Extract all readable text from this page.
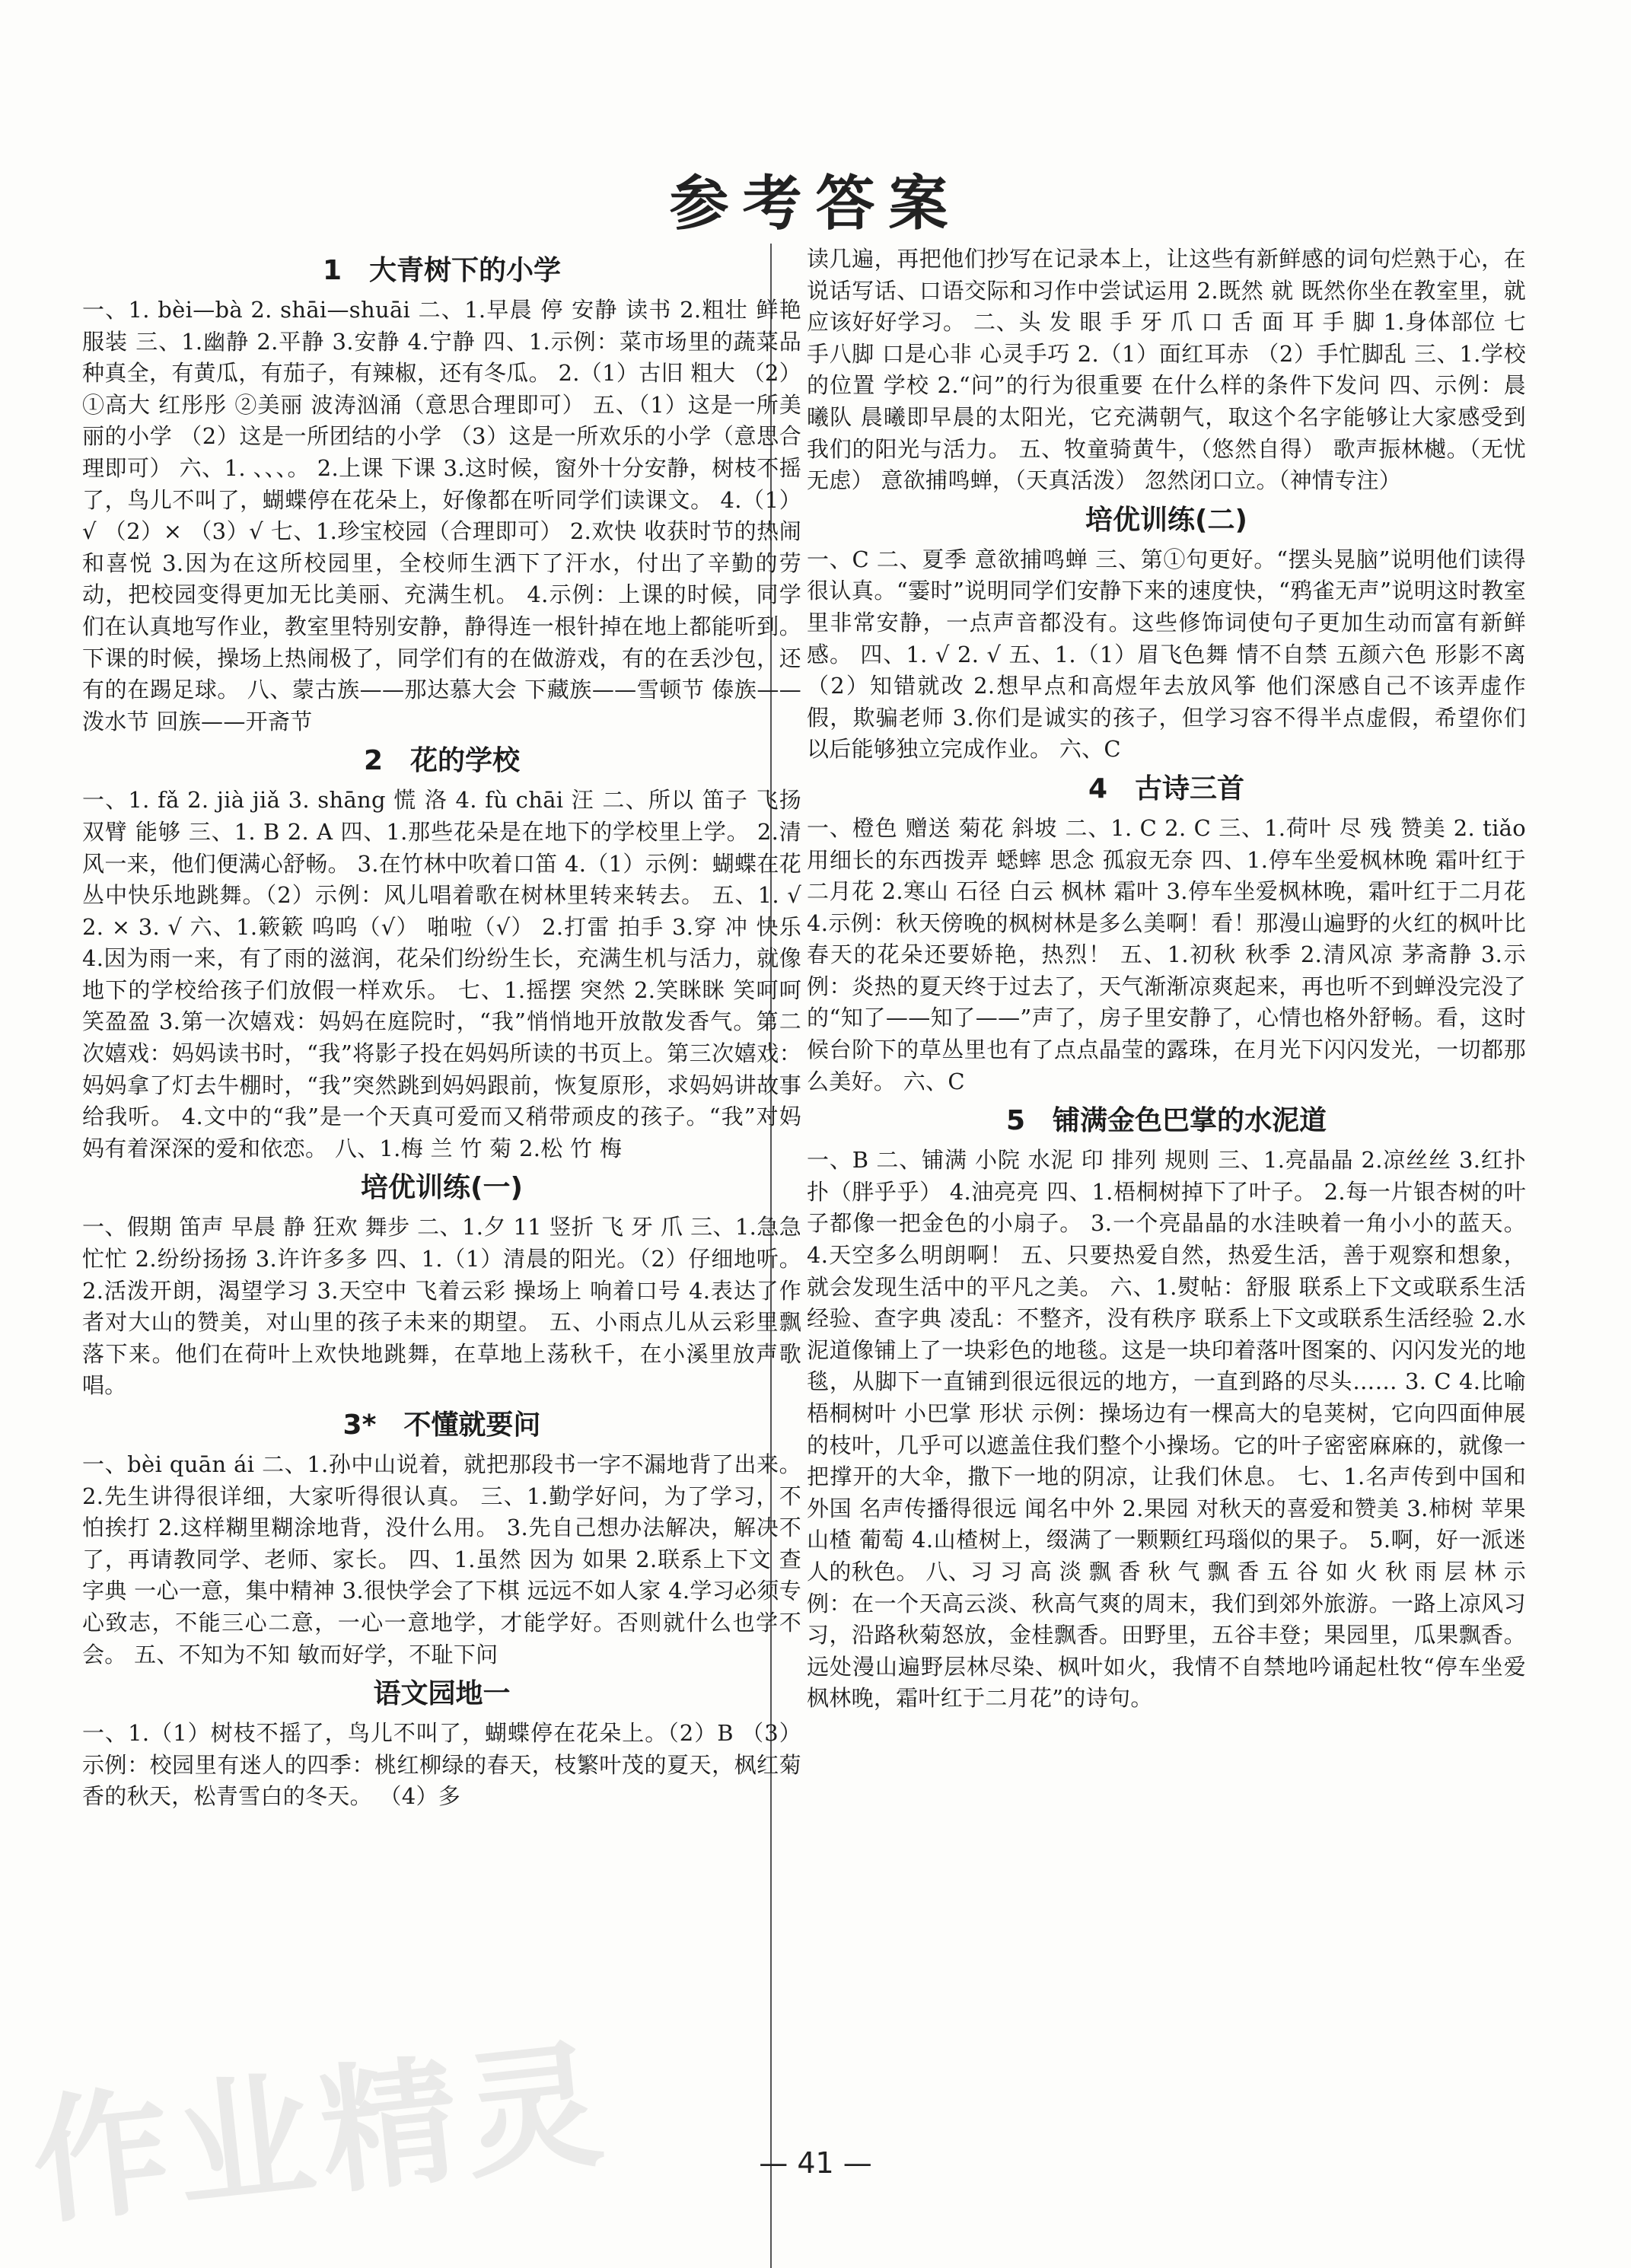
参考答案
1　大青树下的小学

一、1. bèi—bà 2. shāi—shuāi 二、1.早晨 停 安静 读书 2.粗壮 鲜艳 服装 三、1.幽静 2.平静 3.安静 4.宁静 四、1.示例：菜市场里的蔬菜品种真全，有黄瓜，有茄子，有辣椒，还有冬瓜。 2.（1）古旧 粗大 （2）①高大 红彤彤 ②美丽 波涛汹涌（意思合理即可） 五、（1）这是一所美丽的小学 （2）这是一所团结的小学 （3）这是一所欢乐的小学（意思合理即可） 六、1. 、、、。 2.上课 下课 3.这时候，窗外十分安静，树枝不摇了，鸟儿不叫了，蝴蝶停在花朵上，好像都在听同学们读课文。 4.（1）√ （2）× （3）√ 七、1.珍宝校园（合理即可） 2.欢快 收获时节的热闹和喜悦 3.因为在这所校园里，全校师生洒下了汗水，付出了辛勤的劳动，把校园变得更加无比美丽、充满生机。 4.示例：上课的时候，同学们在认真地写作业，教室里特别安静，静得连一根针掉在地上都能听到。下课的时候，操场上热闹极了，同学们有的在做游戏，有的在丢沙包，还有的在踢足球。 八、蒙古族——那达慕大会 下藏族——雪顿节 傣族——泼水节 回族——开斋节

2　花的学校

一、1. fǎ 2. jià jiǎ 3. shāng 慌 洛 4. fù chāi 汪 二、所以 笛子 飞扬 双臂 能够 三、1. B 2. A 四、1.那些花朵是在地下的学校里上学。 2.清风一来，他们便满心舒畅。 3.在竹林中吹着口笛 4.（1）示例：蝴蝶在花丛中快乐地跳舞。（2）示例：风儿唱着歌在树林里转来转去。 五、1. √ 2. × 3. √ 六、1.簌簌 呜呜（√） 啪啦（√） 2.打雷 拍手 3.穿 冲 快乐 4.因为雨一来，有了雨的滋润，花朵们纷纷生长，充满生机与活力，就像地下的学校给孩子们放假一样欢乐。 七、1.摇摆 突然 2.笑眯眯 笑呵呵 笑盈盈 3.第一次嬉戏：妈妈在庭院时，“我”悄悄地开放散发香气。第二次嬉戏：妈妈读书时，“我”将影子投在妈妈所读的书页上。第三次嬉戏：妈妈拿了灯去牛棚时，“我”突然跳到妈妈跟前，恢复原形，求妈妈讲故事给我听。 4.文中的“我”是一个天真可爱而又稍带顽皮的孩子。“我”对妈妈有着深深的爱和依恋。 八、1.梅 兰 竹 菊 2.松 竹 梅

培优训练(一)

一、假期 笛声 早晨 静 狂欢 舞步 二、1.夕 11 竖折 飞 牙 爪 三、1.急急忙忙 2.纷纷扬扬 3.许许多多 四、1.（1）清晨的阳光。（2）仔细地听。 2.活泼开朗，渴望学习 3.天空中 飞着云彩 操场上 响着口号 4.表达了作者对大山的赞美，对山里的孩子未来的期望。 五、小雨点儿从云彩里飘落下来。他们在荷叶上欢快地跳舞，在草地上荡秋千，在小溪里放声歌唱。

3*　不懂就要问

一、bèi quān ái 二、1.孙中山说着，就把那段书一字不漏地背了出来。 2.先生讲得很详细，大家听得很认真。 三、1.勤学好问，为了学习，不怕挨打 2.这样糊里糊涂地背，没什么用。 3.先自己想办法解决，解决不了，再请教同学、老师、家长。 四、1.虽然 因为 如果 2.联系上下文 查字典 一心一意，集中精神 3.很快学会了下棋 远远不如人家 4.学习必须专心致志，不能三心二意，一心一意地学，才能学好。否则就什么也学不会。 五、不知为不知 敏而好学，不耻下问

语文园地一

一、1.（1）树枝不摇了，鸟儿不叫了，蝴蝶停在花朵上。（2）B （3）示例：校园里有迷人的四季：桃红柳绿的春天，枝繁叶茂的夏天，枫红菊香的秋天，松青雪白的冬天。 （4）多

读几遍，再把他们抄写在记录本上，让这些有新鲜感的词句烂熟于心，在说话写话、口语交际和习作中尝试运用 2.既然 就 既然你坐在教室里，就应该好好学习。 二、头 发 眼 手 牙 爪 口 舌 面 耳 手 脚 1.身体部位 七手八脚 口是心非 心灵手巧 2.（1）面红耳赤 （2）手忙脚乱 三、1.学校的位置 学校 2.“问”的行为很重要 在什么样的条件下发问 四、示例：晨曦队 晨曦即早晨的太阳光，它充满朝气，取这个名字能够让大家感受到我们的阳光与活力。 五、牧童骑黄牛，（悠然自得） 歌声振林樾。（无忧无虑） 意欲捕鸣蝉，（天真活泼） 忽然闭口立。（神情专注）

培优训练(二)

一、C 二、夏季 意欲捕鸣蝉 三、第①句更好。“摆头晃脑”说明他们读得很认真。“霎时”说明同学们安静下来的速度快，“鸦雀无声”说明这时教室里非常安静，一点声音都没有。这些修饰词使句子更加生动而富有新鲜感。 四、1. √ 2. √ 五、1.（1）眉飞色舞 情不自禁 五颜六色 形影不离 （2）知错就改 2.想早点和高煜年去放风筝 他们深感自己不该弄虚作假，欺骗老师 3.你们是诚实的孩子，但学习容不得半点虚假，希望你们以后能够独立完成作业。 六、C

4　古诗三首

一、橙色 赠送 菊花 斜坡 二、1. C 2. C 三、1.荷叶 尽 残 赞美 2. tiǎo 用细长的东西拨弄 蟋蟀 思念 孤寂无奈 四、1.停车坐爱枫林晚 霜叶红于二月花 2.寒山 石径 白云 枫林 霜叶 3.停车坐爱枫林晚，霜叶红于二月花 4.示例：秋天傍晚的枫树林是多么美啊！看！那漫山遍野的火红的枫叶比春天的花朵还要娇艳，热烈！ 五、1.初秋 秋季 2.清风凉 茅斋静 3.示例：炎热的夏天终于过去了，天气渐渐凉爽起来，再也听不到蝉没完没了的“知了——知了——”声了，房子里安静了，心情也格外舒畅。看，这时候台阶下的草丛里也有了点点晶莹的露珠，在月光下闪闪发光，一切都那么美好。 六、C

5　铺满金色巴掌的水泥道

一、B 二、铺满 小院 水泥 印 排列 规则 三、1.亮晶晶 2.凉丝丝 3.红扑扑（胖乎乎） 4.油亮亮 四、1.梧桐树掉下了叶子。 2.每一片银杏树的叶子都像一把金色的小扇子。 3.一个亮晶晶的水洼映着一角小小的蓝天。 4.天空多么明朗啊！ 五、只要热爱自然，热爱生活，善于观察和想象，就会发现生活中的平凡之美。 六、1.熨帖：舒服 联系上下文或联系生活经验、查字典 凌乱：不整齐，没有秩序 联系上下文或联系生活经验 2.水泥道像铺上了一块彩色的地毯。这是一块印着落叶图案的、闪闪发光的地毯，从脚下一直铺到很远很远的地方，一直到路的尽头…… 3. C 4.比喻 梧桐树叶 小巴掌 形状 示例：操场边有一棵高大的皂荚树，它向四面伸展的枝叶，几乎可以遮盖住我们整个小操场。它的叶子密密麻麻的，就像一把撑开的大伞，撒下一地的阴凉，让我们休息。 七、1.名声传到中国和外国 名声传播得很远 闻名中外 2.果园 对秋天的喜爱和赞美 3.柿树 苹果 山楂 葡萄 4.山楂树上，缀满了一颗颗红玛瑙似的果子。 5.啊，好一派迷人的秋色。 八、习 习 高 淡 飘 香 秋 气 飘 香 五 谷 如 火 秋 雨 层 林 示例：在一个天高云淡、秋高气爽的周末，我们到郊外旅游。一路上凉风习习，沿路秋菊怒放，金桂飘香。田野里，五谷丰登；果园里，瓜果飘香。远处漫山遍野层林尽染、枫叶如火，我情不自禁地吟诵起杜牧“停车坐爱枫林晚，霜叶红于二月花”的诗句。

作业精灵	— 41 —
